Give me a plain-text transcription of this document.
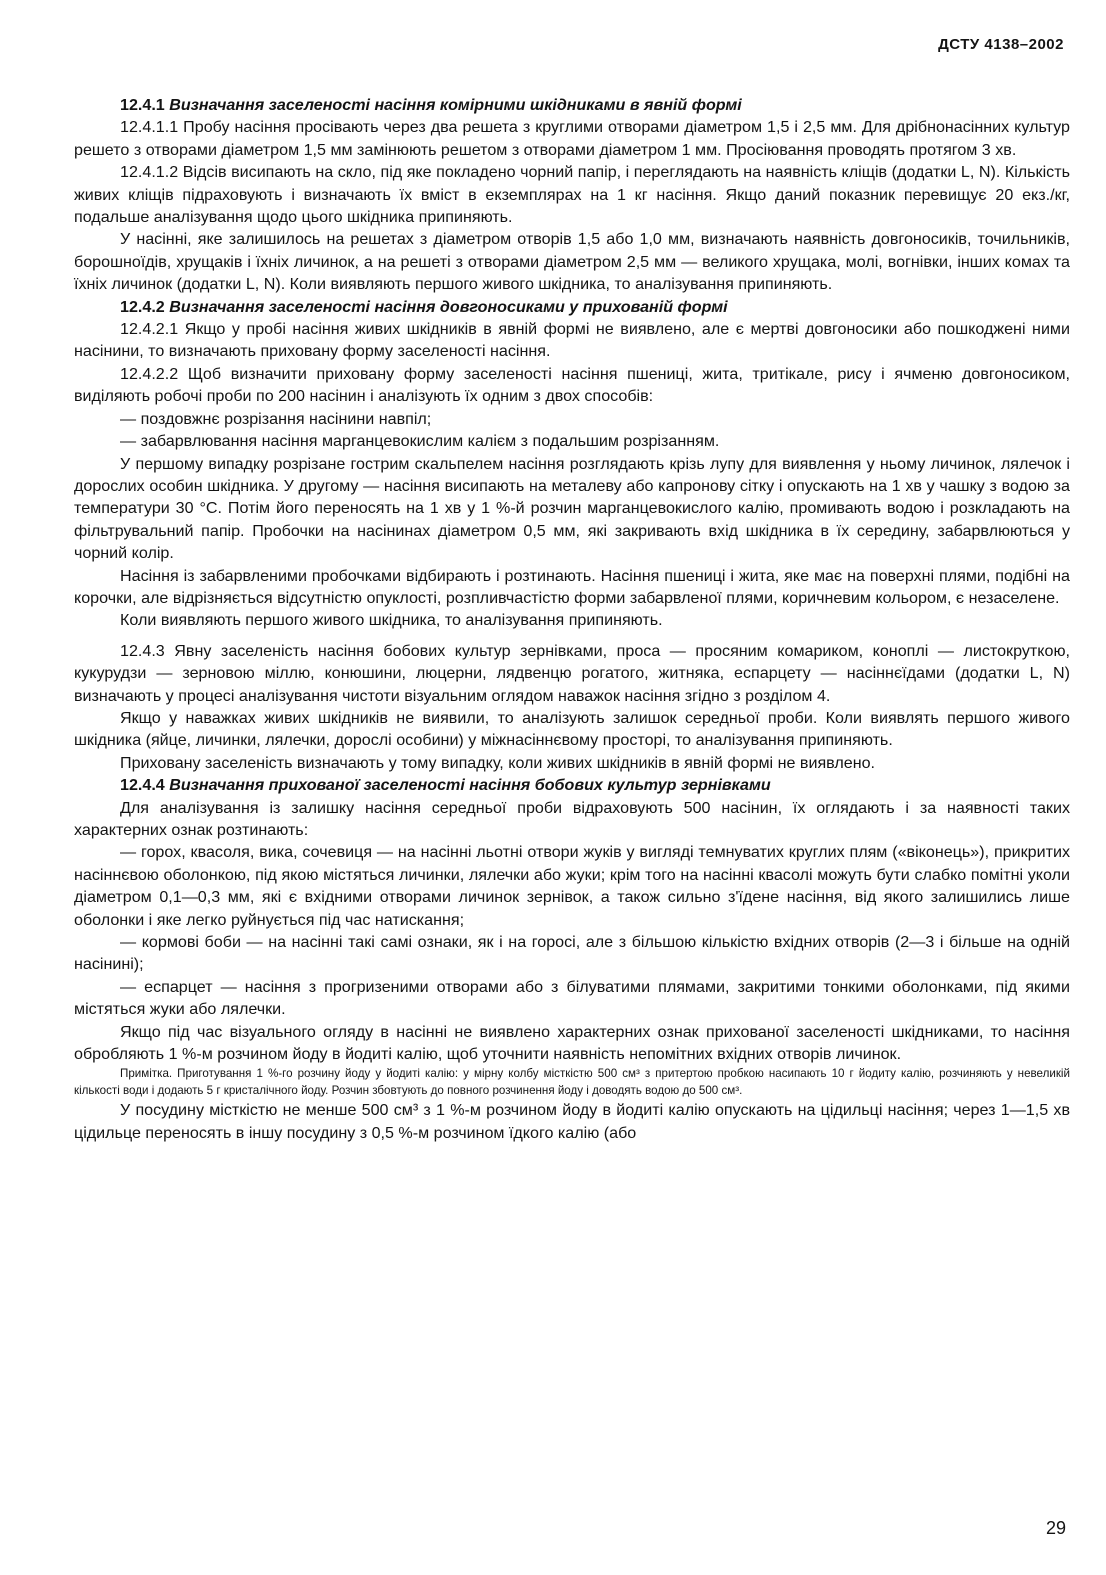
ДСТУ 4138–2002

12.4.1 Визначання заселеності насіння комірними шкідниками в явній формі

12.4.1.1 Пробу насіння просівають через два решета з круглими отворами діаметром 1,5 і 2,5 мм. Для дрібнонасінних культур решето з отворами діаметром 1,5 мм замінюють решетом з отворами діаметром 1 мм. Просіювання проводять протягом 3 хв.

12.4.1.2 Відсів висипають на скло, під яке покладено чорний папір, і переглядають на наявність кліщів (додатки L, N). Кількість живих кліщів підраховують і визначають їх вміст в екземплярах на 1 кг насіння. Якщо даний показник перевищує 20 екз./кг, подальше аналізування щодо цього шкідника припиняють.

У насінні, яке залишилось на решетах з діаметром отворів 1,5 або 1,0 мм, визначають наявність довгоносиків, точильників, борошноїдів, хрущаків і їхніх личинок, а на решеті з отворами діаметром 2,5 мм — великого хрущака, молі, вогнівки, інших комах та їхніх личинок (додатки L, N). Коли виявляють першого живого шкідника, то аналізування припиняють.

12.4.2 Визначання заселеності насіння довгоносиками у прихованій формі

12.4.2.1 Якщо у пробі насіння живих шкідників в явній формі не виявлено, але є мертві довгоносики або пошкоджені ними насінини, то визначають приховану форму заселеності насіння.

12.4.2.2 Щоб визначити приховану форму заселеності насіння пшениці, жита, тритікале, рису і ячменю довгоносиком, виділяють робочі проби по 200 насінин і аналізують їх одним з двох способів:

— поздовжнє розрізання насінини навпіл;

— забарвлювання насіння марганцевокислим калієм з подальшим розрізанням.

У першому випадку розрізане гострим скальпелем насіння розглядають крізь лупу для виявлення у ньому личинок, лялечок і дорослих особин шкідника. У другому — насіння висипають на металеву або капронову сітку і опускають на 1 хв у чашку з водою за температури 30 °С. Потім його переносять на 1 хв у 1 %-й розчин марганцевокислого калію, промивають водою і розкладають на фільтрувальний папір. Пробочки на насінинах діаметром 0,5 мм, які закривають вхід шкідника в їх середину, забарвлюються у чорний колір.

Насіння із забарвленими пробочками відбирають і розтинають. Насіння пшениці і жита, яке має на поверхні плями, подібні на корочки, але відрізняється відсутністю опуклості, розпливчастістю форми забарвленої плями, коричневим кольором, є незаселене.

Коли виявляють першого живого шкідника, то аналізування припиняють.

12.4.3 Явну заселеність насіння бобових культур зернівками, проса — просяним комариком, коноплі — листокруткою, кукурудзи — зерновою міллю, конюшини, люцерни, лядвенцю рогатого, житняка, еспарцету — насіннєїдами (додатки L, N) визначають у процесі аналізування чистоти візуальним оглядом наважок насіння згідно з розділом 4.

Якщо у наважках живих шкідників не виявили, то аналізують залишок середньої проби. Коли виявлять першого живого шкідника (яйце, личинки, лялечки, дорослі особини) у міжнасіннєвому просторі, то аналізування припиняють.

Приховану заселеність визначають у тому випадку, коли живих шкідників в явній формі не виявлено.

12.4.4 Визначання прихованої заселеності насіння бобових культур зернівками

Для аналізування із залишку насіння середньої проби відраховують 500 насінин, їх оглядають і за наявності таких характерних ознак розтинають:

— горох, квасоля, вика, сочевиця — на насінні льотні отвори жуків у вигляді темнуватих круглих плям («віконець»), прикритих насіннєвою оболонкою, під якою містяться личинки, лялечки або жуки; крім того на насінні квасолі можуть бути слабко помітні уколи діаметром 0,1—0,3 мм, які є вхідними отворами личинок зернівок, а також сильно з'їдене насіння, від якого залишились лише оболонки і яке легко руйнується під час натискання;

— кормові боби — на насінні такі самі ознаки, як і на горосі, але з більшою кількістю вхідних отворів (2—3 і більше на одній насінині);

— еспарцет — насіння з прогризеними отворами або з білуватими плямами, закритими тонкими оболонками, під якими містяться жуки або лялечки.

Якщо під час візуального огляду в насінні не виявлено характерних ознак прихованої заселеності шкідниками, то насіння обробляють 1 %-м розчином йоду в йодиті калію, щоб уточнити наявність непомітних вхідних отворів личинок.

Примітка. Приготування 1 %-го розчину йоду у йодиті калію: у мірну колбу місткістю 500 см³ з притертою пробкою насипають 10 г йодиту калію, розчиняють у невеликій кількості води і додають 5 г кристалічного йоду. Розчин збовтують до повного розчинення йоду і доводять водою до 500 см³.

У посудину місткістю не менше 500 см³ з 1 %-м розчином йоду в йодиті калію опускають на цідильці насіння; через 1—1,5 хв цідильце переносять в іншу посудину з 0,5 %-м розчином їдкого калію (або

29
